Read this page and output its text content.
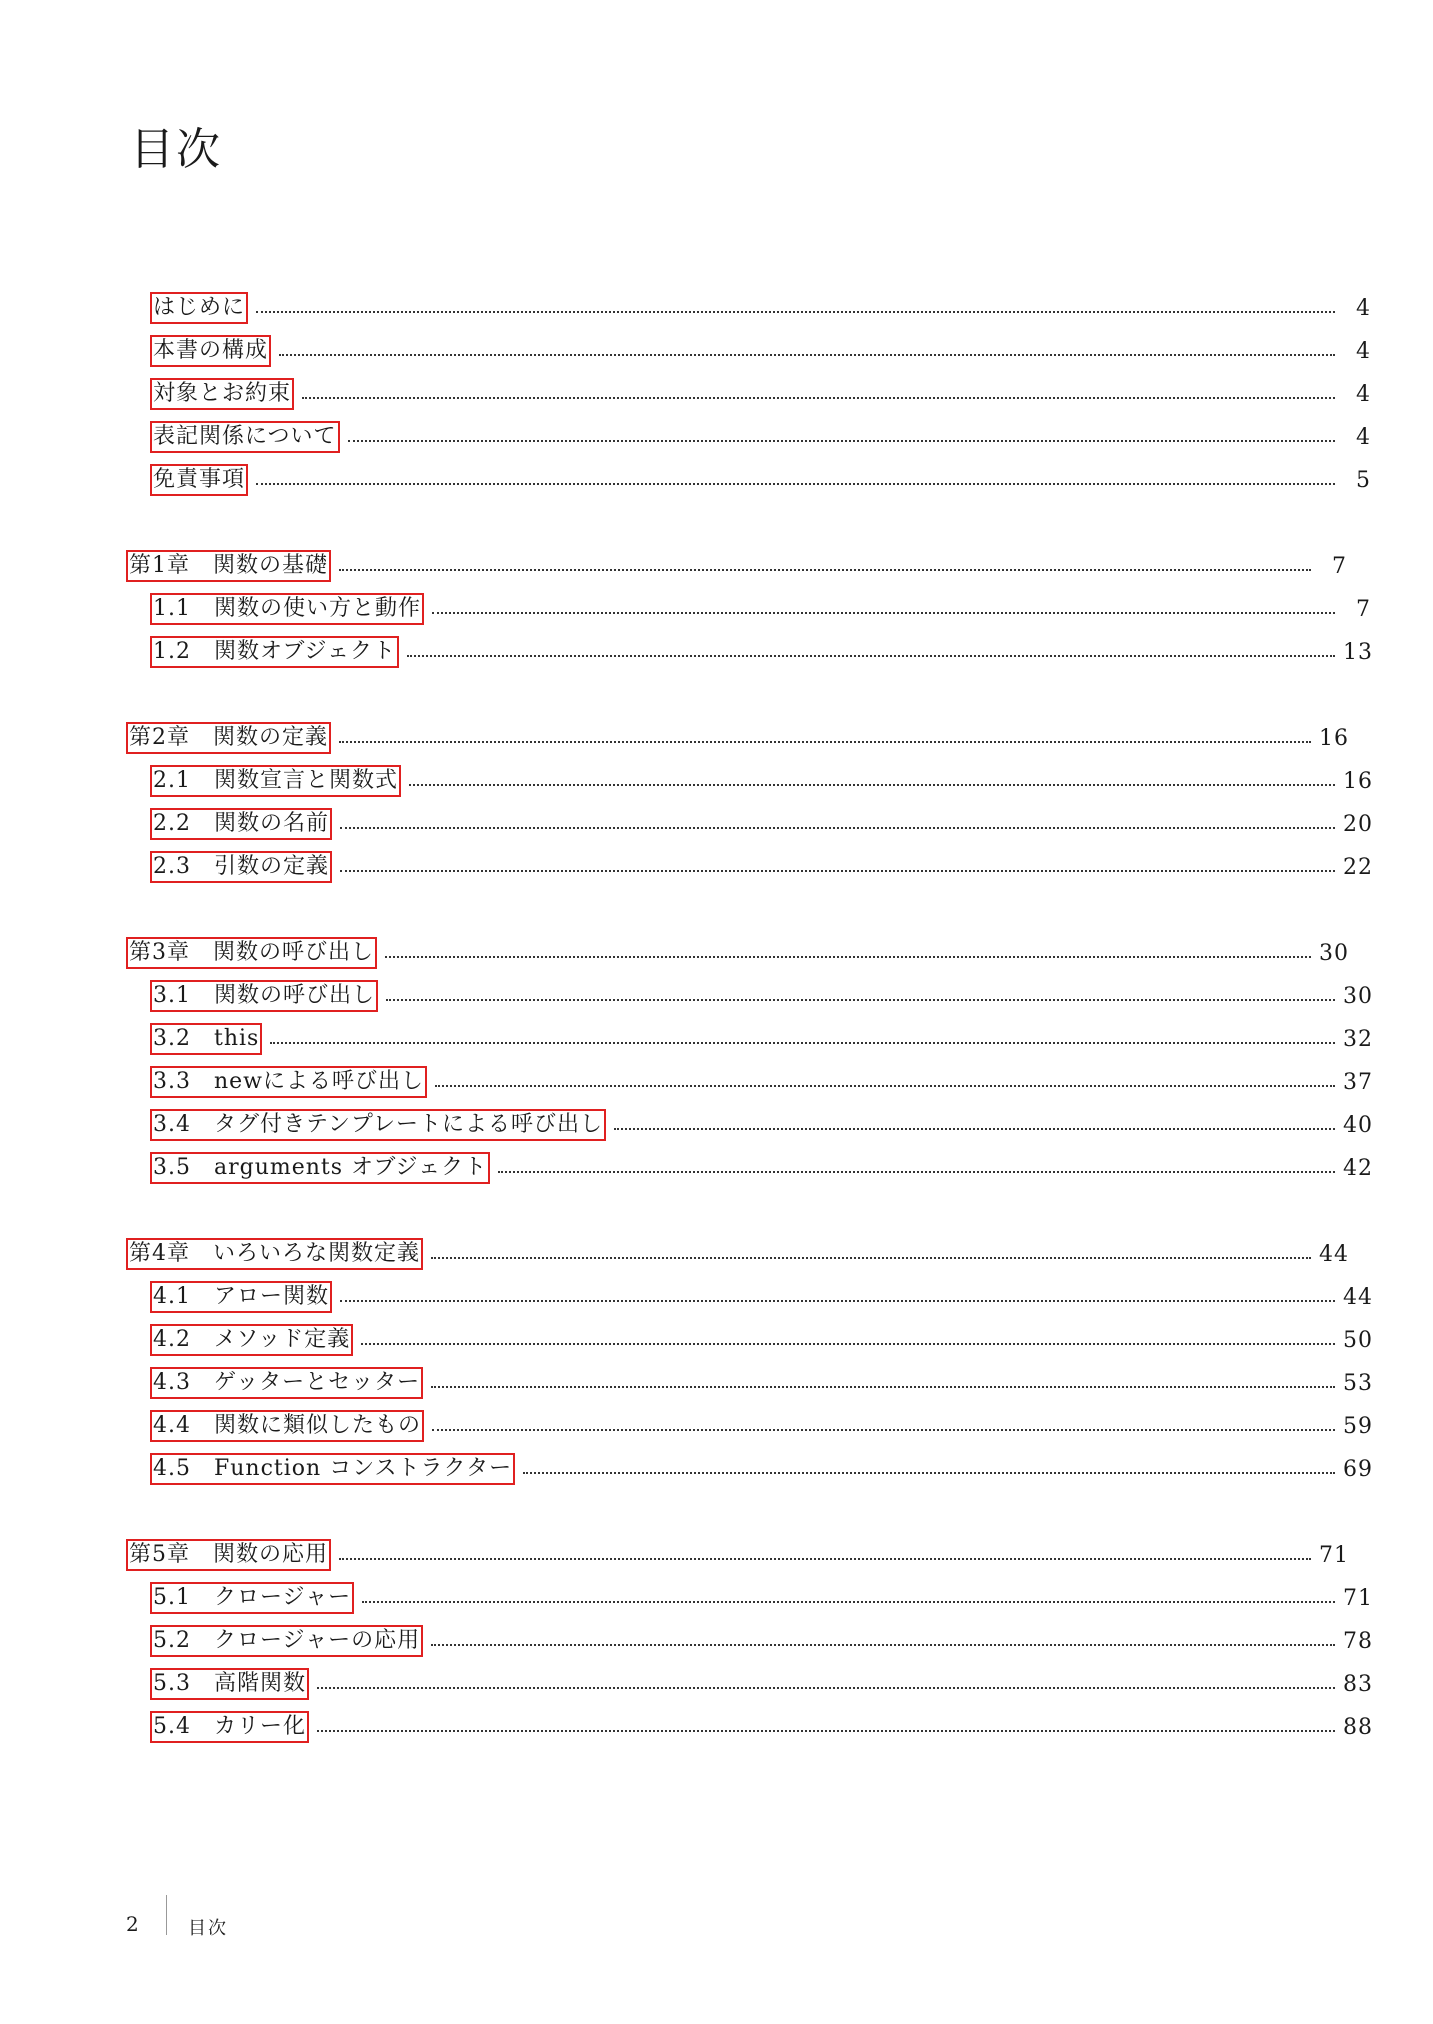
目次
はじめに	4
本書の構成	4
対象とお約束	4
表記関係について	4
免責事項	5
第1章　関数の基礎	7
1.1　関数の使い方と動作	7
1.2　関数オブジェクト	13
第2章　関数の定義	16
2.1　関数宣言と関数式	16
2.2　関数の名前	20
2.3　引数の定義	22
第3章　関数の呼び出し	30
3.1　関数の呼び出し	30
3.2　this	32
3.3　newによる呼び出し	37
3.4　タグ付きテンプレートによる呼び出し	40
3.5　arguments オブジェクト	42
第4章　いろいろな関数定義	44
4.1　アロー関数	44
4.2　メソッド定義	50
4.3　ゲッターとセッター	53
4.4　関数に類似したもの	59
4.5　Function コンストラクター	69
第5章　関数の応用	71
5.1　クロージャー	71
5.2　クロージャーの応用	78
5.3　高階関数	83
5.4　カリー化	88
2	目次
